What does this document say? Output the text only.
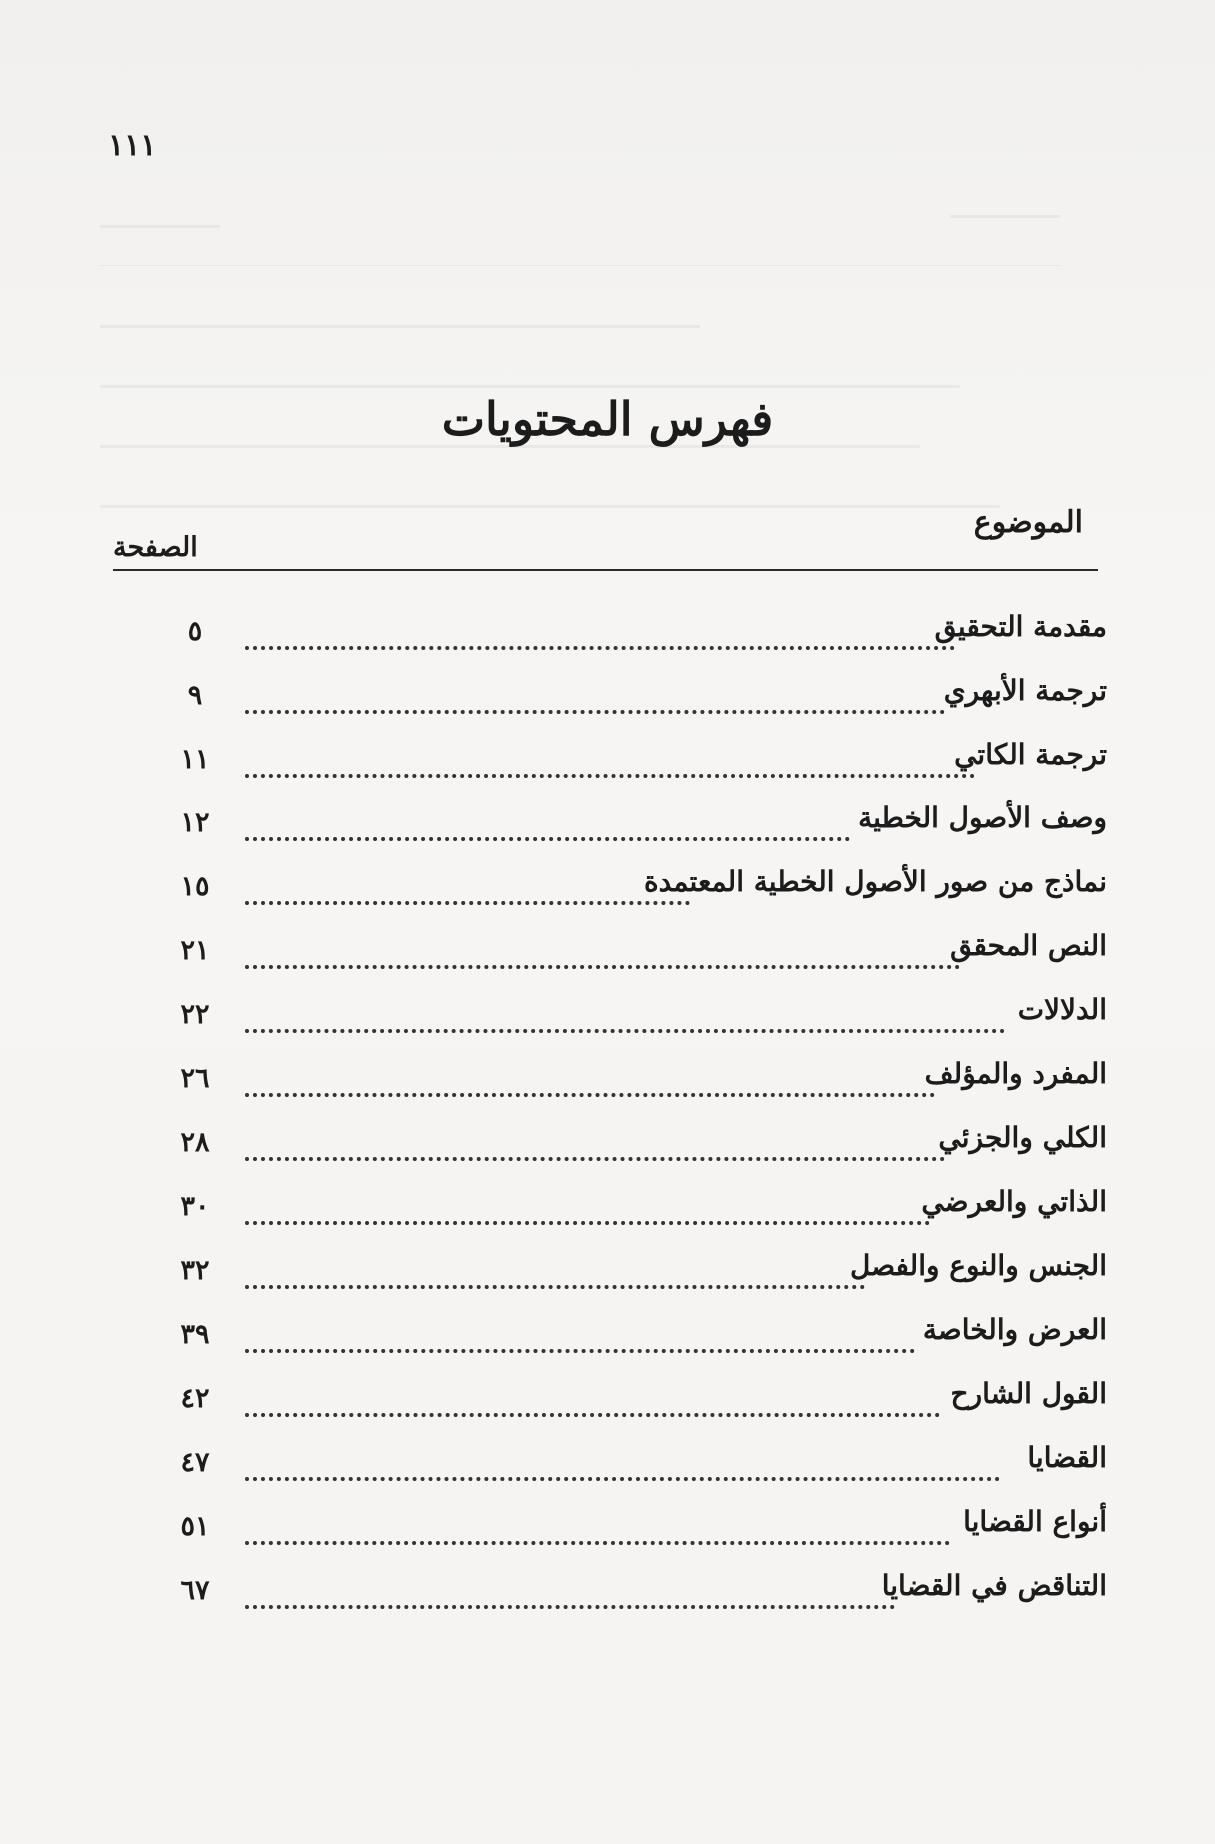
١١١
فهرس المحتويات
الموضوع
الصفحة
مقدمة التحقيق
٥
ترجمة الأبهري
٩
ترجمة الكاتي
١١
وصف الأصول الخطية
١٢
نماذج من صور الأصول الخطية المعتمدة
١٥
النص المحقق
٢١
الدلالات
٢٢
المفرد والمؤلف
٢٦
الكلي والجزئي
٢٨
الذاتي والعرضي
٣٠
الجنس والنوع والفصل
٣٢
العرض والخاصة
٣٩
القول الشارح
٤٢
القضايا
٤٧
أنواع القضايا
٥١
التناقض في القضايا
٦٧
